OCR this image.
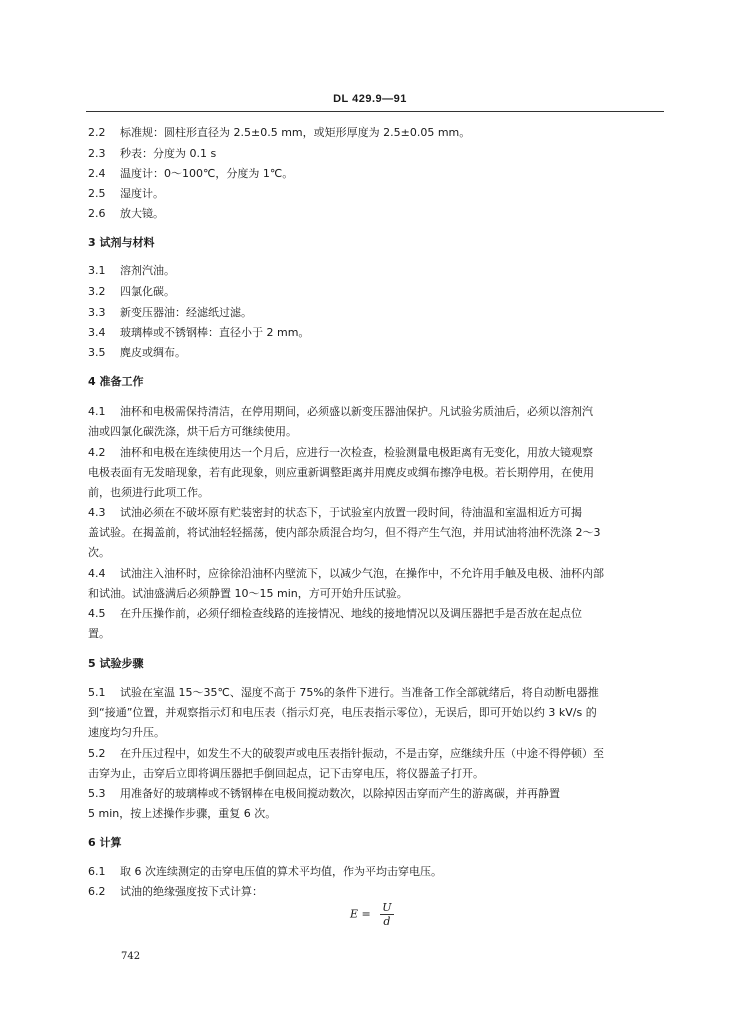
DL 429.9—91
2.2 标准规：圆柱形直径为 2.5±0.5 mm，或矩形厚度为 2.5±0.05 mm。
2.3 秒表：分度为 0.1 s
2.4 温度计：0～100℃，分度为 1℃。
2.5 湿度计。
2.6 放大镜。
3 试剂与材料
3.1 溶剂汽油。
3.2 四氯化碳。
3.3 新变压器油：经滤纸过滤。
3.4 玻璃棒或不锈钢棒：直径小于 2 mm。
3.5 麂皮或绸布。
4 准备工作
4.1 油杯和电极需保持清洁，在停用期间，必须盛以新变压器油保护。凡试验劣质油后，必须以溶剂汽
油或四氯化碳洗涤，烘干后方可继续使用。
4.2 油杯和电极在连续使用达一个月后，应进行一次检查，检验测量电极距离有无变化，用放大镜观察
电极表面有无发暗现象，若有此现象，则应重新调整距离并用麂皮或绸布擦净电极。若长期停用，在使用
前，也须进行此项工作。
4.3 试油必须在不破坏原有贮装密封的状态下，于试验室内放置一段时间，待油温和室温相近方可揭
盖试验。在揭盖前，将试油轻轻摇荡，使内部杂质混合均匀，但不得产生气泡，并用试油将油杯洗涤 2～3
次。
4.4 试油注入油杯时，应徐徐沿油杯内壁流下，以减少气泡，在操作中，不允许用手触及电极、油杯内部
和试油。试油盛满后必须静置 10～15 min，方可开始升压试验。
4.5 在升压操作前，必须仔细检查线路的连接情况、地线的接地情况以及调压器把手是否放在起点位
置。
5 试验步骤
5.1 试验在室温 15～35℃、湿度不高于 75%的条件下进行。当准备工作全部就绪后，将自动断电器推
到“接通”位置，并观察指示灯和电压表（指示灯亮，电压表指示零位），无误后，即可开始以约 3 kV/s 的
速度均匀升压。
5.2 在升压过程中，如发生不大的破裂声或电压表指针振动，不是击穿，应继续升压（中途不得停顿）至
击穿为止，击穿后立即将调压器把手倒回起点，记下击穿电压，将仪器盖子打开。
5.3 用准备好的玻璃棒或不锈钢棒在电极间搅动数次，以除掉因击穿而产生的游离碳，并再静置
5 min，按上述操作步骤，重复 6 次。
6 计算
6.1 取 6 次连续测定的击穿电压值的算术平均值，作为平均击穿电压。
6.2 试油的绝缘强度按下式计算：
$E = \frac{U}{d}$
742
